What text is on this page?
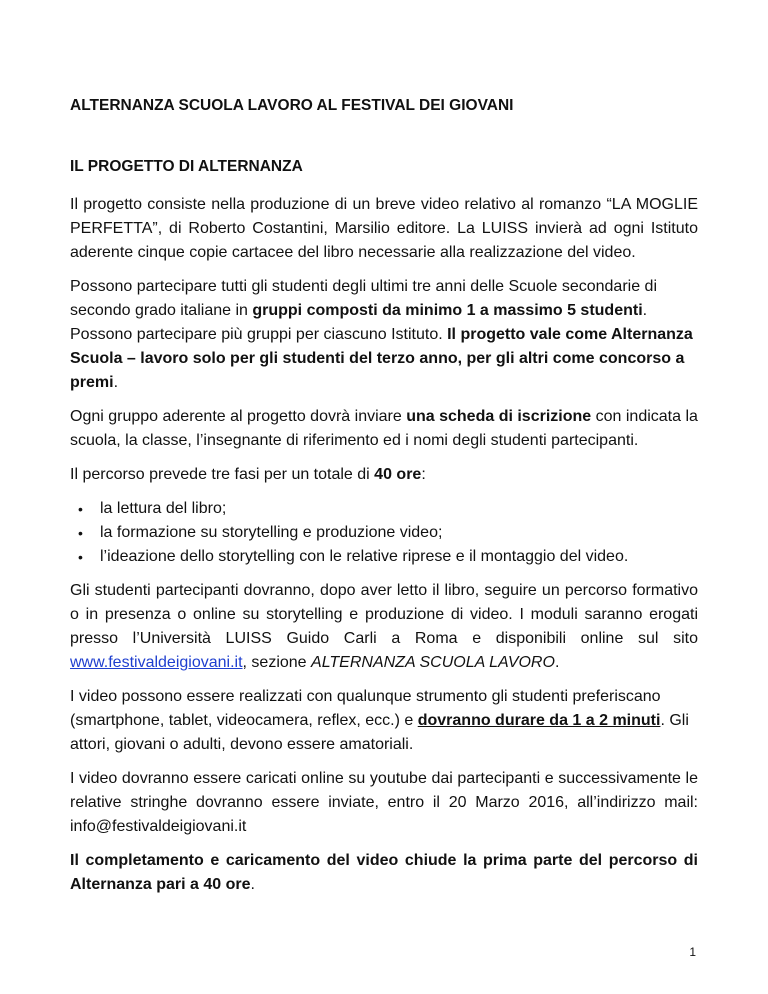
ALTERNANZA SCUOLA LAVORO AL FESTIVAL DEI GIOVANI

IL PROGETTO DI ALTERNANZA

Il progetto consiste nella produzione di un breve video relativo al romanzo “LA MOGLIE PERFETTA”, di Roberto Costantini, Marsilio editore. La LUISS invierà ad ogni Istituto aderente cinque copie cartacee del libro necessarie alla realizzazione del video.

Possono partecipare tutti gli studenti degli ultimi tre anni delle Scuole secondarie di secondo grado italiane in gruppi composti da minimo 1 a massimo 5 studenti. Possono partecipare più gruppi per ciascuno Istituto. Il progetto vale come Alternanza Scuola – lavoro solo per gli studenti del terzo anno, per gli altri come concorso a premi.

Ogni gruppo aderente al progetto dovrà inviare una scheda di iscrizione con indicata la scuola, la classe, l’insegnante di riferimento ed i nomi degli studenti partecipanti.

Il percorso prevede tre fasi per un totale di 40 ore:

• la lettura del libro;
• la formazione su storytelling e produzione video;
• l’ideazione dello storytelling con le relative riprese e il montaggio del video.

Gli studenti partecipanti dovranno, dopo aver letto il libro, seguire un percorso formativo o in presenza o online su storytelling e produzione di video. I moduli saranno erogati presso l’Università LUISS Guido Carli a Roma e disponibili online sul sito www.festivaldeigiovani.it, sezione ALTERNANZA SCUOLA LAVORO.

I video possono essere realizzati con qualunque strumento gli studenti preferiscano (smartphone, tablet, videocamera, reflex, ecc.) e dovranno durare da 1 a 2 minuti. Gli attori, giovani o adulti, devono essere amatoriali.

I video dovranno essere caricati online su youtube dai partecipanti e successivamente le relative stringhe dovranno essere inviate, entro il 20 Marzo 2016, all’indirizzo mail: info@festivaldeigiovani.it

Il completamento e caricamento del video chiude la prima parte del percorso di Alternanza pari a 40 ore.

1
